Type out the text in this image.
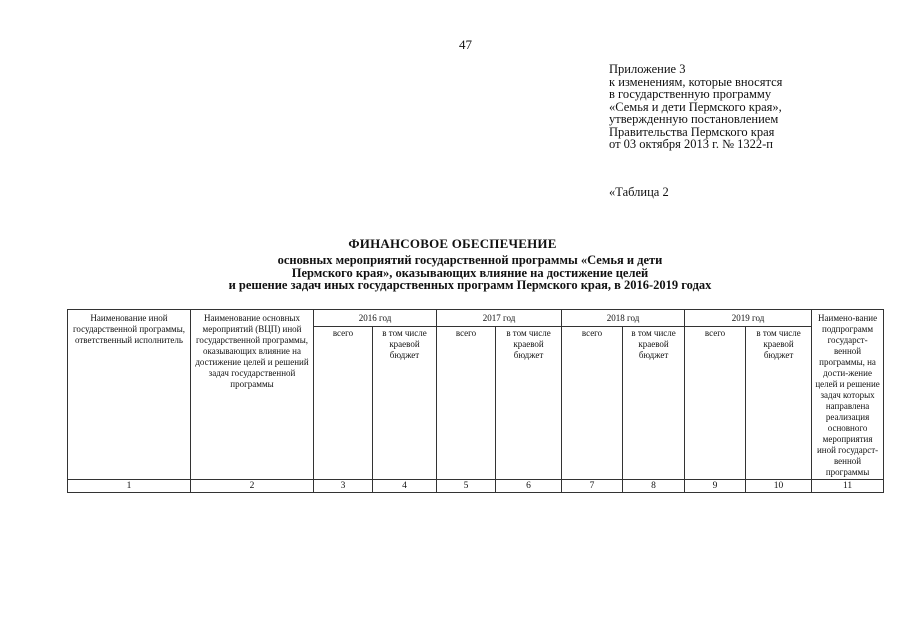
47
Приложение 3
к изменениям, которые вносятся
в государственную программу
«Семья и дети Пермского края»,
утвержденную постановлением
Правительства Пермского края
от 03 октября 2013 г. № 1322-п
«Таблица 2
ФИНАНСОВОЕ ОБЕСПЕЧЕНИЕ
основных мероприятий государственной программы «Семья и дети
Пермского края», оказывающих влияние на достижение целей
и решение задач иных государственных программ Пермского края, в 2016-2019 годах
Наименование иной государственной программы, ответственный исполнитель	Наименование основных мероприятий (ВЦП) иной государственной программы, оказывающих влияние на достижение целей и решений задач государственной программы	2016 год		2017 год		2018 год		2019 год		Наимено-вание подпрограмм государст-венной программы, на дости-жение целей и решение задач которых направлена реализация основного мероприятия иной государст-венной программы
		всего	в том числе краевой бюджет	всего	в том числе краевой бюджет	всего	в том числе краевой бюджет	всего	в том числе краевой бюджет	
1	2	3	4	5	6	7	8	9	10	11
